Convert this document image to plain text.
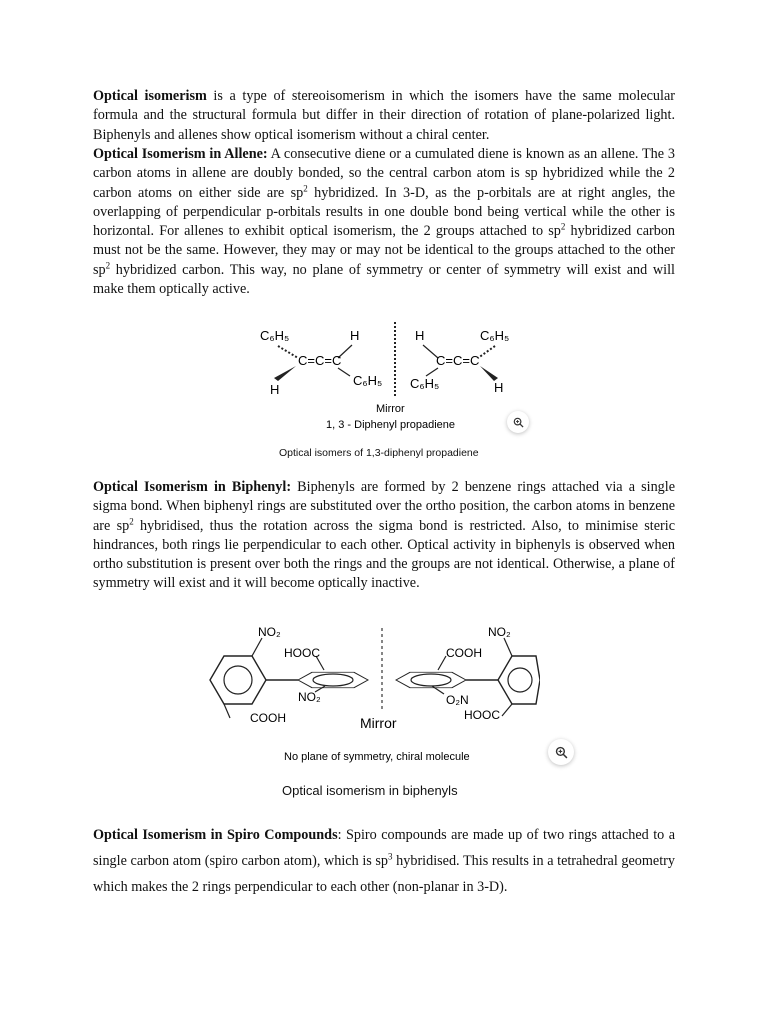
Optical isomerism is a type of stereoisomerism in which the isomers have the same molecular formula and the structural formula but differ in their direction of rotation of plane-polarized light. Biphenyls and allenes show optical isomerism without a chiral center.

Optical Isomerism in Allene: A consecutive diene or a cumulated diene is known as an allene. The 3 carbon atoms in allene are doubly bonded, so the central carbon atom is sp hybridized while the 2 carbon atoms on either side are $sp^2$ hybridized. In 3-D, as the p-orbitals are at right angles, the overlapping of perpendicular p-orbitals results in one double bond being vertical while the other is horizontal. For allenes to exhibit optical isomerism, the 2 groups attached to $sp^2$ hybridized carbon must not be the same. However, they may or may not be identical to the groups attached to the other $sp^2$ hybridized carbon. This way, no plane of symmetry or center of symmetry will exist and will make them optically active.

C₆H₅	H
C=C=C
H
C₆H₅
H	C₆H₅
C=C=C
C₆H₅	H
Mirror
1, 3 - Diphenyl propadiene
Optical isomers of 1,3-diphenyl propadiene

Optical Isomerism in Biphenyl: Biphenyls are formed by 2 benzene rings attached via a single sigma bond. When biphenyl rings are substituted over the ortho position, the carbon atoms in benzene are $sp^2$ hybridised, thus the rotation across the sigma bond is restricted. Also, to minimise steric hindrances, both rings lie perpendicular to each other. Optical activity in biphenyls is observed when ortho substitution is present over both the rings and the groups are not identical. Otherwise, a plane of symmetry will exist and it will become optically inactive.

NO₂
HOOC
NO₂
COOH	Mirror
NO₂
COOH
O₂N
HOOC
No plane of symmetry, chiral molecule
Optical isomerism in biphenyls

Optical Isomerism in Spiro Compounds: Spiro compounds are made up of two rings attached to a single carbon atom (spiro carbon atom), which is $sp^3$ hybridised. This results in a tetrahedral geometry which makes the 2 rings perpendicular to each other (non-planar in 3-D).
